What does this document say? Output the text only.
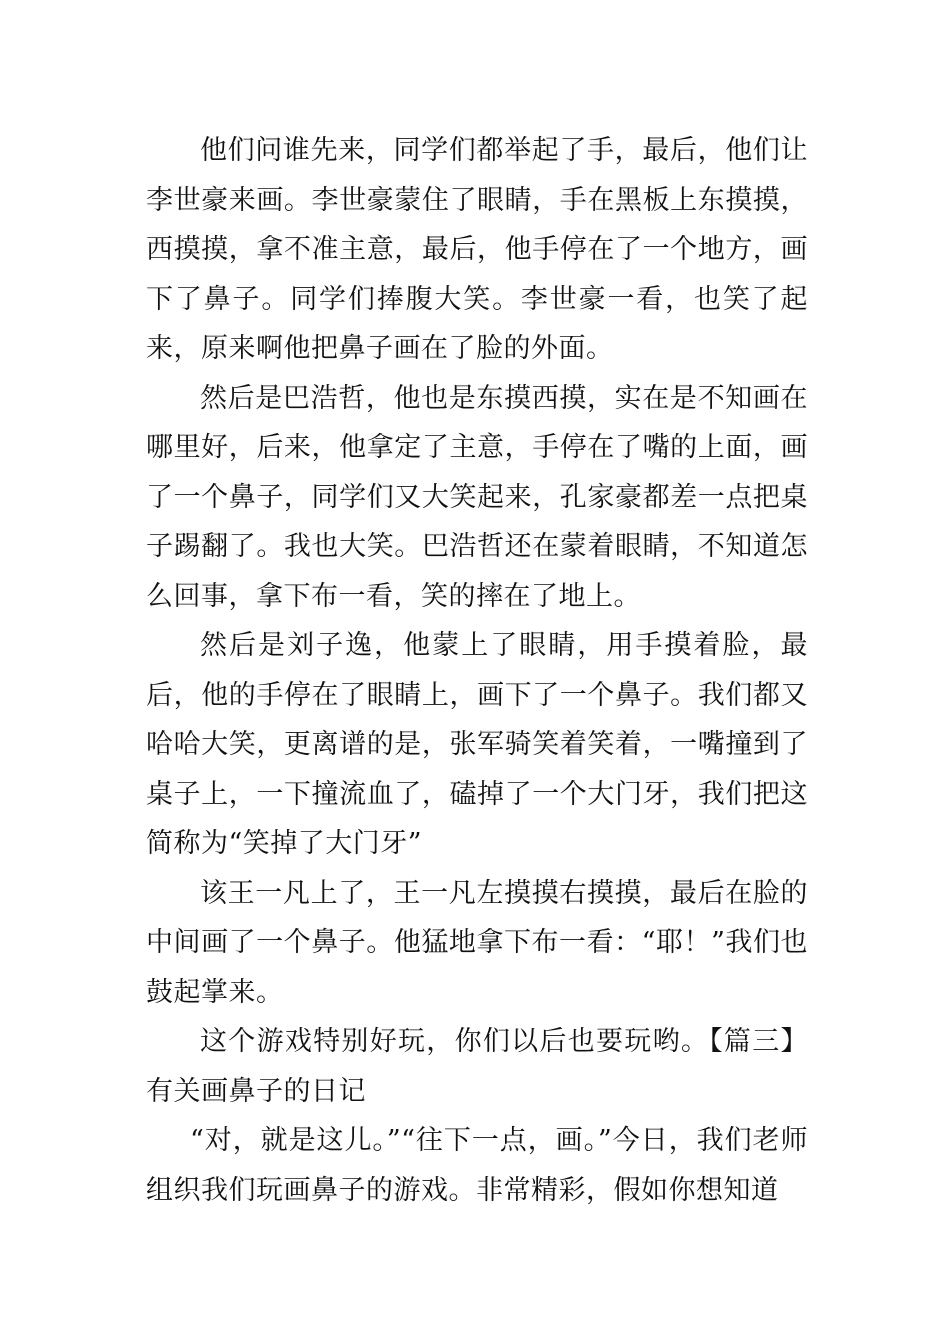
他们问谁先来，同学们都举起了手，最后，他们让李世豪来画。李世豪蒙住了眼睛，手在黑板上东摸摸，西摸摸，拿不准主意，最后，他手停在了一个地方，画下了鼻子。同学们捧腹大笑。李世豪一看，也笑了起来，原来啊他把鼻子画在了脸的外面。

然后是巴浩哲，他也是东摸西摸，实在是不知画在哪里好，后来，他拿定了主意，手停在了嘴的上面，画了一个鼻子，同学们又大笑起来，孔家豪都差一点把桌子踢翻了。我也大笑。巴浩哲还在蒙着眼睛，不知道怎么回事，拿下布一看，笑的摔在了地上。

然后是刘子逸，他蒙上了眼睛，用手摸着脸，最后，他的手停在了眼睛上，画下了一个鼻子。我们都又哈哈大笑，更离谱的是，张军骑笑着笑着，一嘴撞到了桌子上，一下撞流血了，磕掉了一个大门牙，我们把这简称为“笑掉了大门牙”

该王一凡上了，王一凡左摸摸右摸摸，最后在脸的中间画了一个鼻子。他猛地拿下布一看：“耶！”我们也鼓起掌来。

这个游戏特别好玩，你们以后也要玩哟。【篇三】有关画鼻子的日记

“对，就是这儿。”“往下一点，画。”今日，我们老师组织我们玩画鼻子的游戏。非常精彩，假如你想知道
